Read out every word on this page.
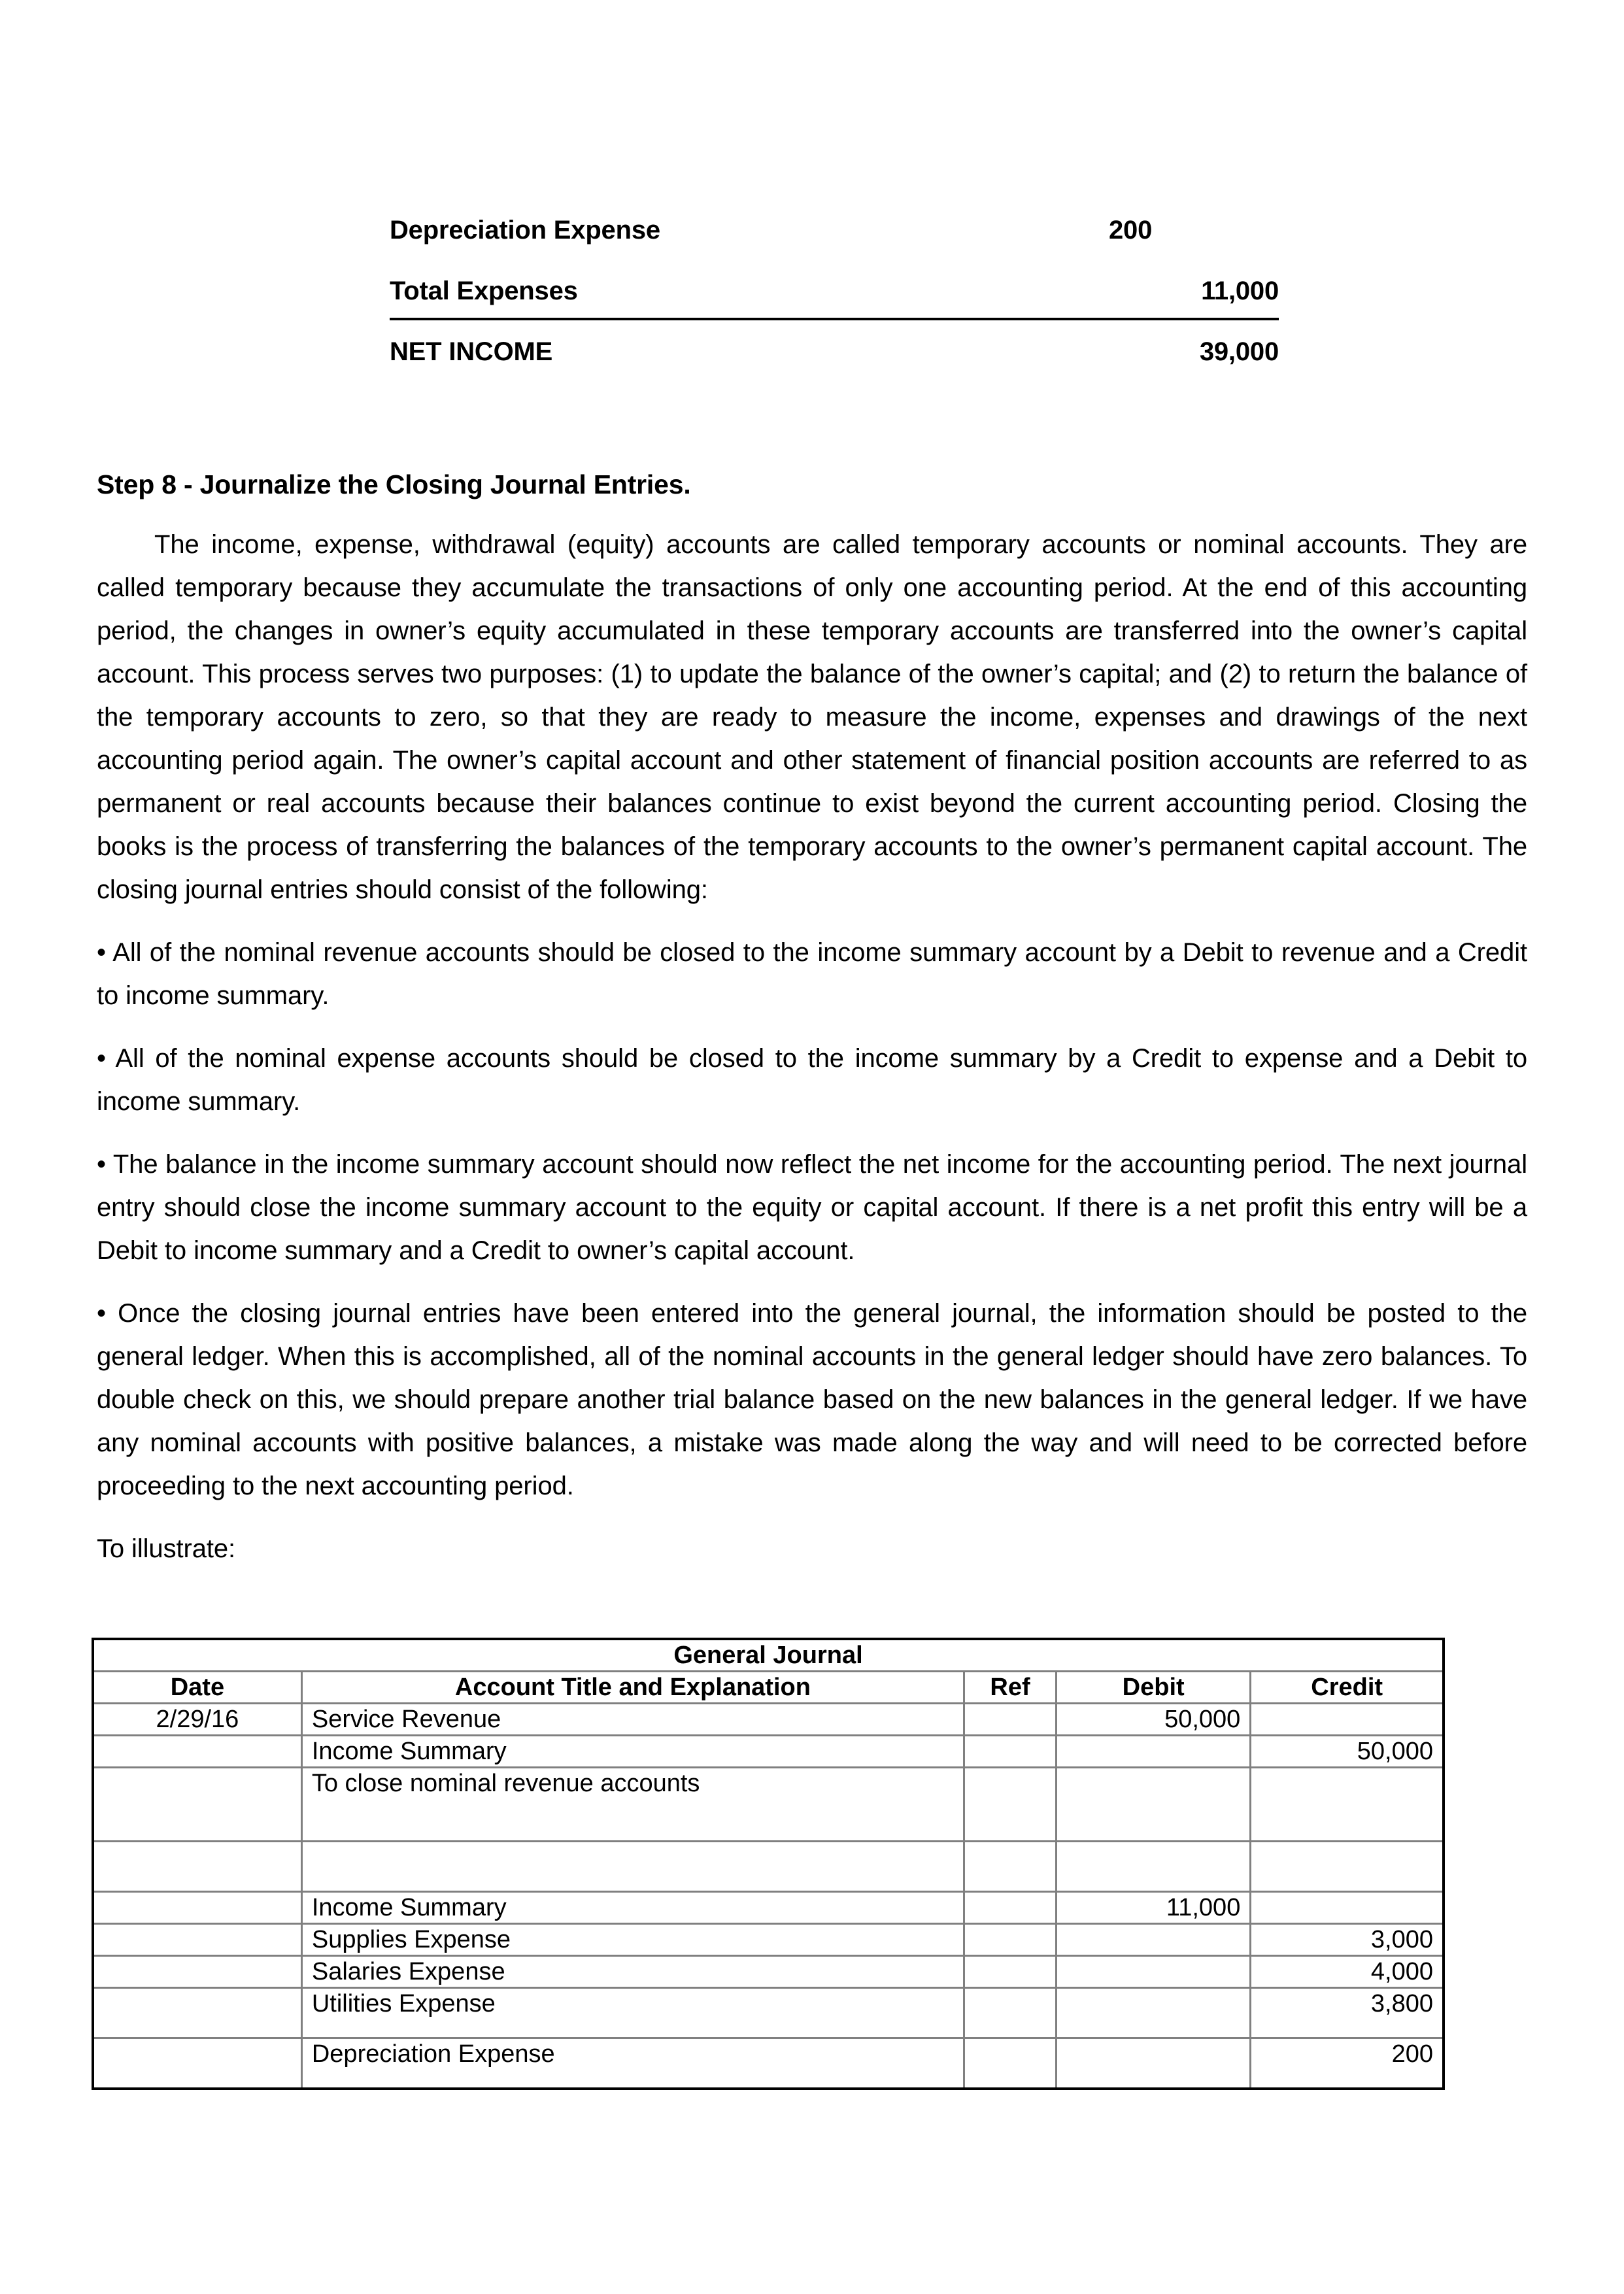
Depreciation Expense	200
Total Expenses	11,000
NET INCOME	39,000
Step 8 - Journalize the Closing Journal Entries.

The income, expense, withdrawal (equity) accounts are called temporary accounts or nominal accounts. They are called temporary because they accumulate the transactions of only one accounting period. At the end of this accounting period, the changes in owner’s equity accumulated in these temporary accounts are transferred into the owner’s capital account. This process serves two purposes: (1) to update the balance of the owner’s capital; and (2) to return the balance of the temporary accounts to zero, so that they are ready to measure the income, expenses and drawings of the next accounting period again. The owner’s capital account and other statement of financial position accounts are referred to as permanent or real accounts because their balances continue to exist beyond the current accounting period. Closing the books is the process of transferring the balances of the temporary accounts to the owner’s permanent capital account. The closing journal entries should consist of the following:

• All of the nominal revenue accounts should be closed to the income summary account by a Debit to revenue and a Credit to income summary.

• All of the nominal expense accounts should be closed to the income summary by a Credit to expense and a Debit to income summary.

• The balance in the income summary account should now reflect the net income for the accounting period. The next journal entry should close the income summary account to the equity or capital account. If there is a net profit this entry will be a Debit to income summary and a Credit to owner’s capital account.

• Once the closing journal entries have been entered into the general journal, the information should be posted to the general ledger. When this is accomplished, all of the nominal accounts in the general ledger should have zero balances. To double check on this, we should prepare another trial balance based on the new balances in the general ledger. If we have any nominal accounts with positive balances, a mistake was made along the way and will need to be corrected before proceeding to the next accounting period.

To illustrate:

General Journal				
Date	Account Title and Explanation	Ref	Debit	Credit
2/29/16	Service Revenue		50,000	
	Income Summary			50,000
	To close nominal revenue accounts			

	Income Summary		11,000	
	Supplies Expense			3,000
	Salaries Expense			4,000
	Utilities Expense			3,800
	Depreciation Expense			200
